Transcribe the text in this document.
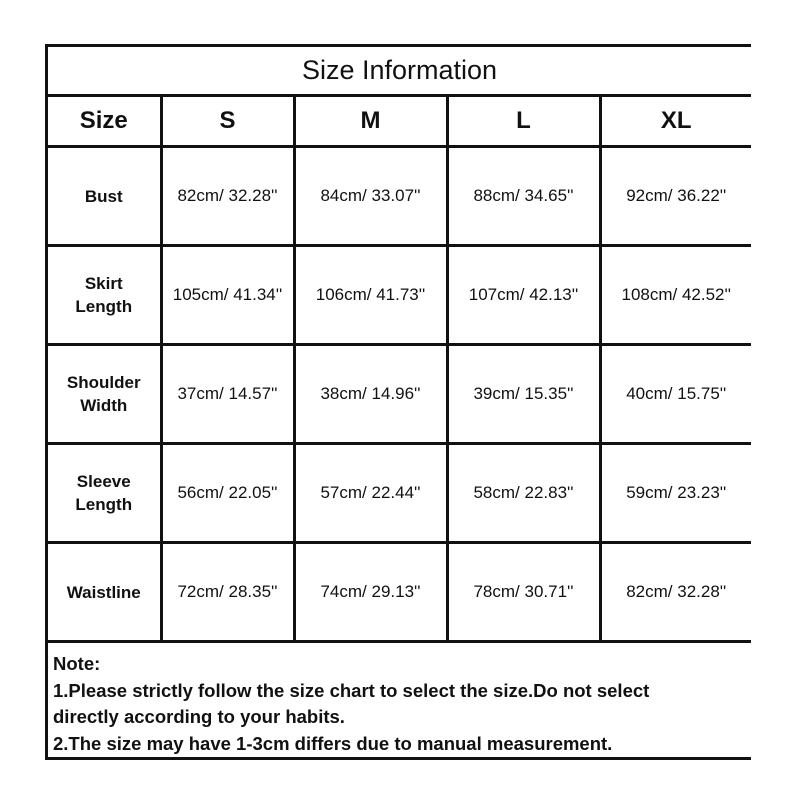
Size Information
Size	S	M	L	XL

Bust	82cm/ 32.28''	84cm/ 33.07''	88cm/ 34.65''	92cm/ 36.22''

Skirt
Length	105cm/ 41.34''	106cm/ 41.73''	107cm/ 42.13''	108cm/ 42.52''

Shoulder
Width	37cm/ 14.57''	38cm/ 14.96''	39cm/ 15.35''	40cm/ 15.75''

Sleeve
Length	56cm/ 22.05''	57cm/ 22.44''	58cm/ 22.83''	59cm/ 23.23''

Waistline	72cm/ 28.35''	74cm/ 29.13''	78cm/ 30.71''	82cm/ 32.28''
Note:
1.Please strictly follow the size chart to select the size.Do not select
directly according to your habits.
2.The size may have 1-3cm differs due to manual measurement.
